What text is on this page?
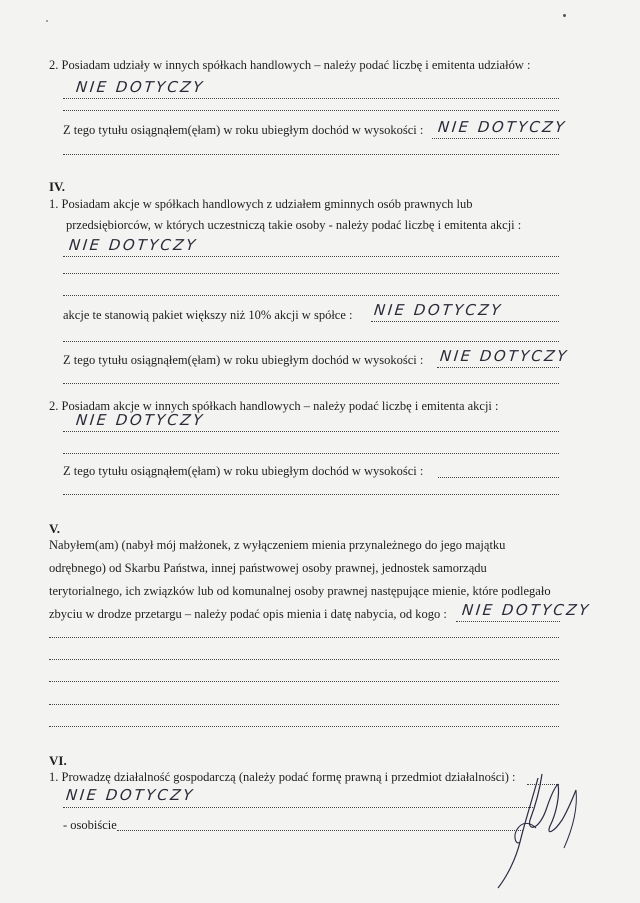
2. Posiadam udziały w innych spółkach handlowych – należy podać liczbę i emitenta udziałów :
NIE DOTYCZY
Z tego tytułu osiągnąłem(ęłam) w roku ubiegłym dochód w wysokości : NIE DOTYCZY
IV.
1. Posiadam akcje w spółkach handlowych z udziałem gminnych osób prawnych lub
przedsiębiorców, w których uczestniczą takie osoby - należy podać liczbę i emitenta akcji :
NIE DOTYCZY
akcje te stanowią pakiet większy niż 10% akcji w spółce : NIE DOTYCZY
Z tego tytułu osiągnąłem(ęłam) w roku ubiegłym dochód w wysokości : NIE DOTYCZY
2. Posiadam akcje w innych spółkach handlowych – należy podać liczbę i emitenta akcji :
NIE DOTYCZY
Z tego tytułu osiągnąłem(ęłam) w roku ubiegłym dochód w wysokości :
V.
Nabyłem(am) (nabył mój małżonek, z wyłączeniem mienia przynależnego do jego majątku
odrębnego) od Skarbu Państwa, innej państwowej osoby prawnej, jednostek samorządu
terytorialnego, ich związków lub od komunalnej osoby prawnej następujące mienie, które podlegało
zbyciu w drodze przetargu – należy podać opis mienia i datę nabycia, od kogo : NIE DOTYCZY
VI.
1. Prowadzę działalność gospodarczą (należy podać formę prawną i przedmiot działalności) :
NIE DOTYCZY
- osobiście
